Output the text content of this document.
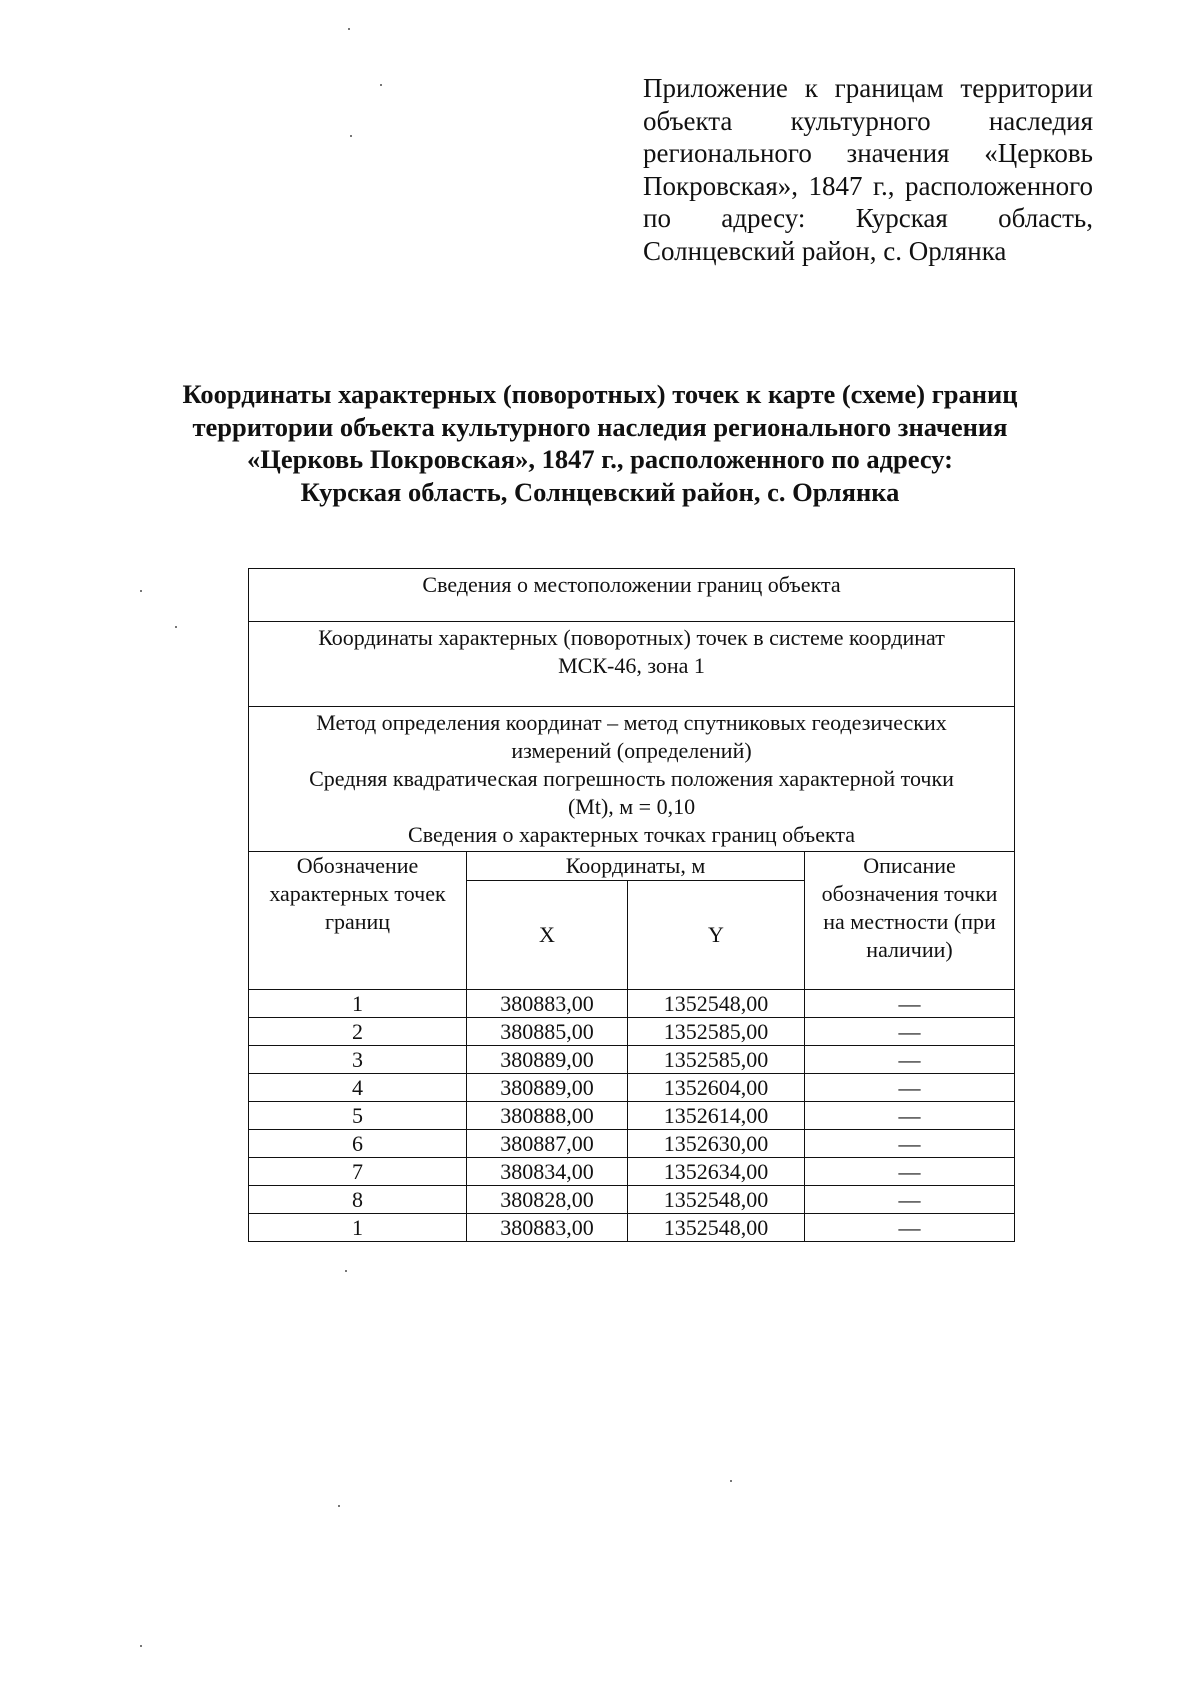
Приложение к границам территории объекта культурного наследия регионального значения «Церковь Покровская», 1847 г., расположенного по адресу: Курская область, Солнцевский район, с. Орлянка
Координаты характерных (поворотных) точек к карте (схеме) границ
территории объекта культурного наследия регионального значения
«Церковь Покровская», 1847 г., расположенного по адресу:
Курская область, Солнцевский район, с. Орлянка
Сведения о местоположении границ объекта			

Координаты характерных (поворотных) точек в системе координат
МСК-46, зона 1			

Метод определения координат – метод спутниковых геодезических
измерений (определений)
Средняя квадратическая погрешность положения характерной точки
(Mt), м = 0,10
Сведения о характерных точках границ объекта			

Обозначение характерных точек границ	Координаты, м		Описание обозначения точки на местности (при наличии)
	X	Y	
1	380883,00	1352548,00	—
2	380885,00	1352585,00	—
3	380889,00	1352585,00	—
4	380889,00	1352604,00	—
5	380888,00	1352614,00	—
6	380887,00	1352630,00	—
7	380834,00	1352634,00	—
8	380828,00	1352548,00	—
1	380883,00	1352548,00	—
